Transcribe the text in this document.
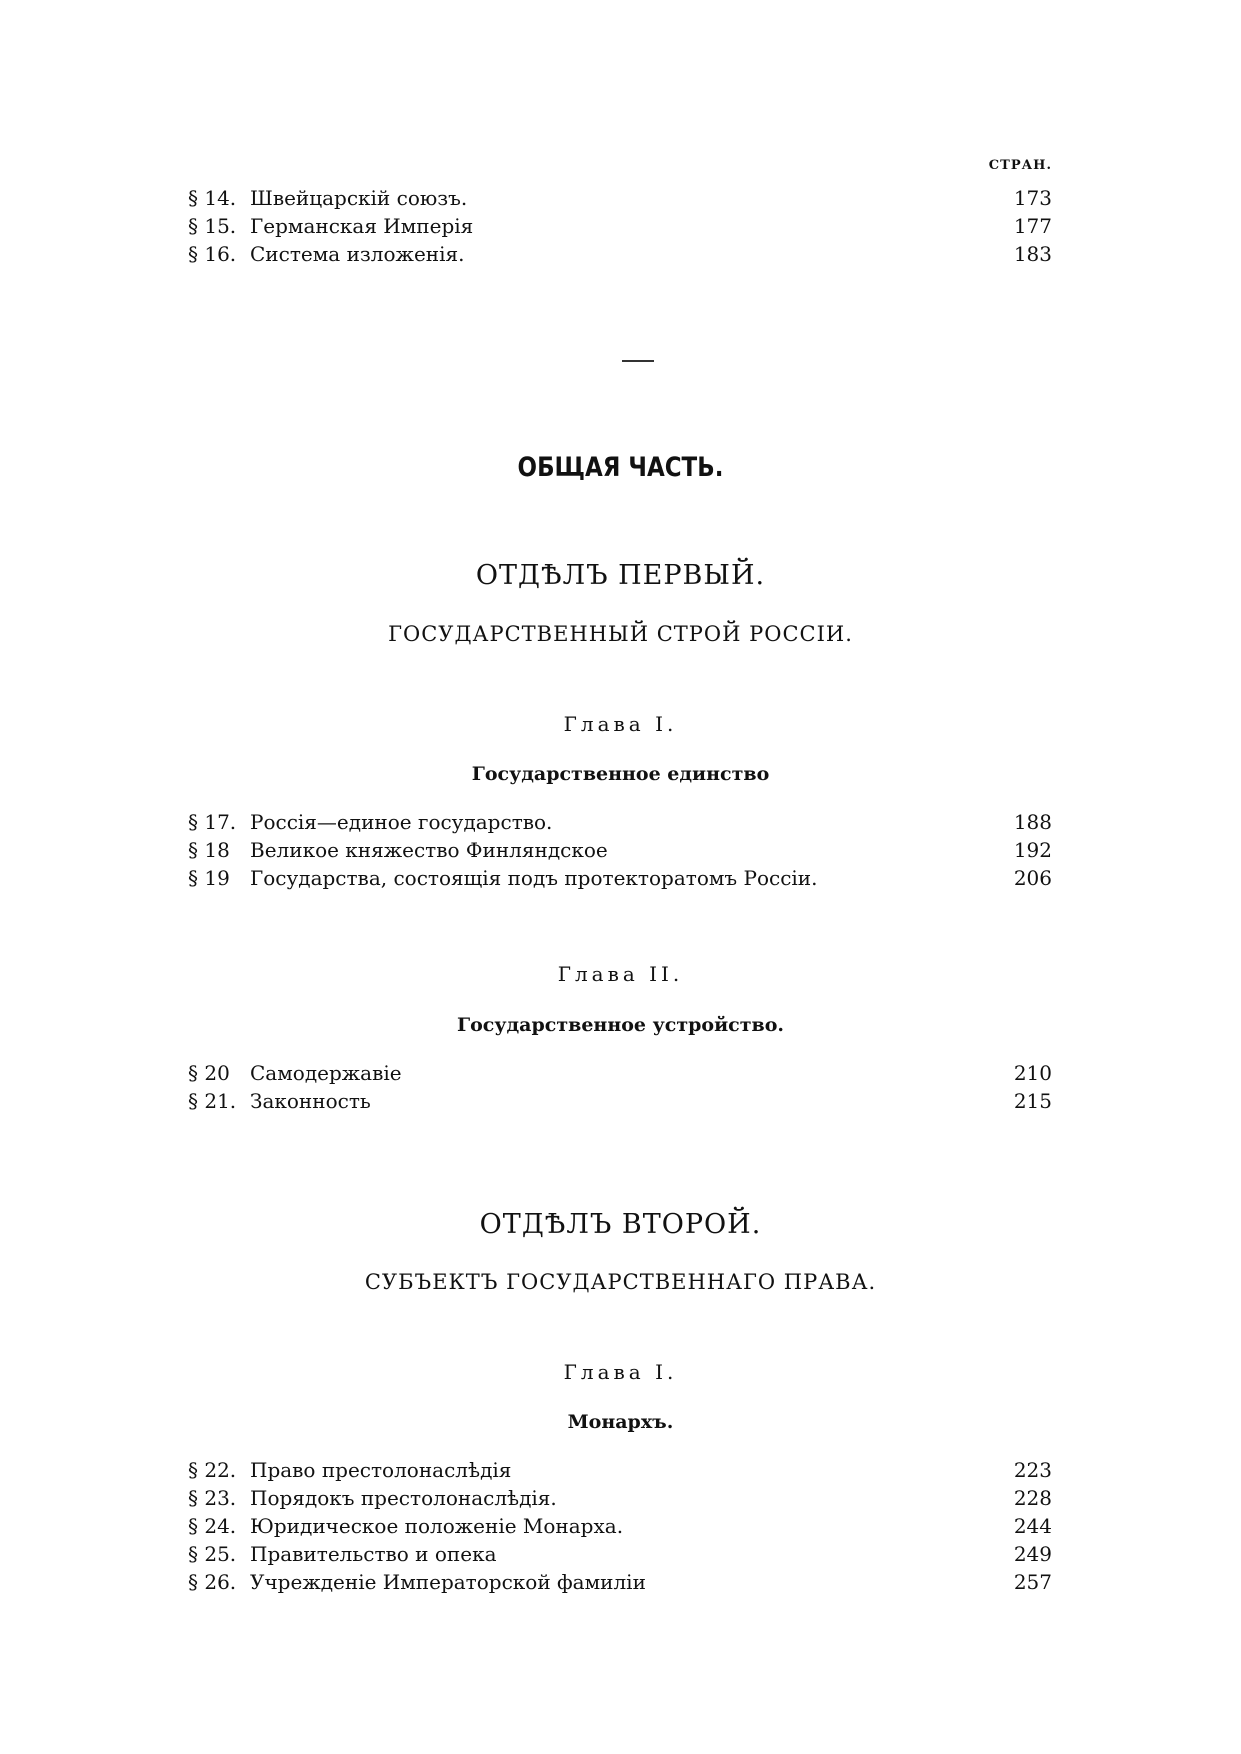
СТРАН.
§ 14. Швейцарскій союзъ.	173
§ 15. Германская Имперія	177
§ 16. Система изложенія.	183
ОБЩАЯ ЧАСТЬ.
ОТДѢЛЪ ПЕРВЫЙ.
ГОСУДАРСТВЕННЫЙ СТРОЙ РОССІИ.
Глава I.
Государственное единство
§ 17. Россія—единое государство.	188
§ 18 Великое княжество Финляндское	192
§ 19 Государства, состоящія подъ протекторатомъ Россіи.	206
Глава II.
Государственное устройство.
§ 20 Самодержавіе	210
§ 21. Законность	215
ОТДѢЛЪ ВТОРОЙ.
СУБЪЕКТЪ ГОСУДАРСТВЕННАГО ПРАВА.
Глава I.
Монархъ.
§ 22. Право престолонаслѣдія	223
§ 23. Порядокъ престолонаслѣдія.	228
§ 24. Юридическое положеніе Монарха.	244
§ 25. Правительство и опека	249
§ 26. Учрежденіе Императорской фамиліи	257
